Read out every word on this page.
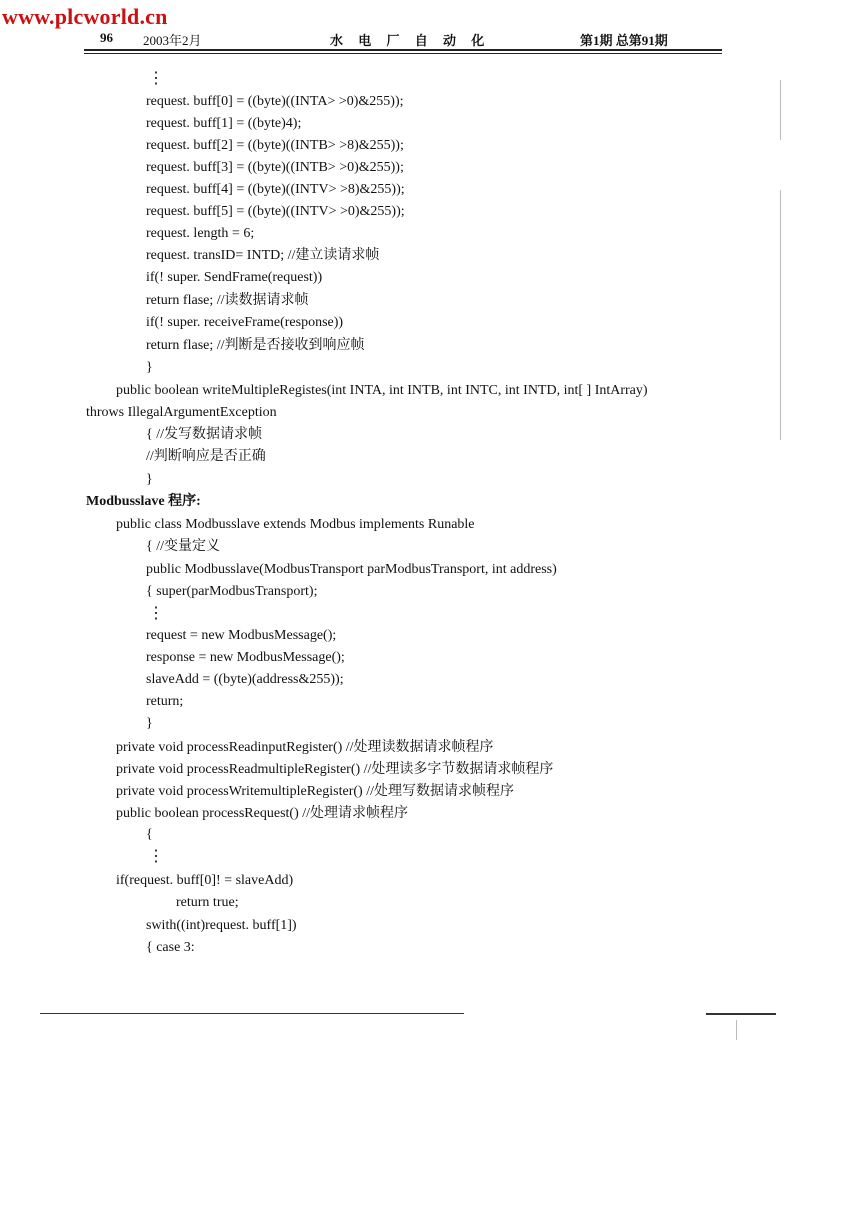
www.plcworld.cn
96 2003年2月	水 电 厂 自 动 化	第1期 总第91期
⋮
request. buff[0] = ((byte)((INTA> >0)&255));
request. buff[1] = ((byte)4);
request. buff[2] = ((byte)((INTB> >8)&255));
request. buff[3] = ((byte)((INTB> >0)&255));
request. buff[4] = ((byte)((INTV> >8)&255));
request. buff[5] = ((byte)((INTV> >0)&255));
request. length = 6;
request. transID= INTD; //建立读请求帧
if(! super. SendFrame(request))
return flase; //读数据请求帧
if(! super. receiveFrame(response))
return flase; //判断是否接收到响应帧
}
public boolean writeMultipleRegistes(int INTA, int INTB, int INTC, int INTD, int[ ] IntArray)
throws IllegalArgumentException
{ //发写数据请求帧
//判断响应是否正确
}
Modbusslave 程序:
public class Modbusslave extends Modbus implements Runable
{ //变量定义
public Modbusslave(ModbusTransport parModbusTransport, int address)
{ super(parModbusTransport);
⋮
request = new ModbusMessage();
response = new ModbusMessage();
slaveAdd = ((byte)(address&255));
return;
}
private void processReadinputRegister() //处理读数据请求帧程序
private void processReadmultipleRegister() //处理读多字节数据请求帧程序
private void processWritemultipleRegister() //处理写数据请求帧程序
public boolean processRequest() //处理请求帧程序
{
⋮
if(request. buff[0]! = slaveAdd)
return true;
swith((int)request. buff[1])
{ case 3:
